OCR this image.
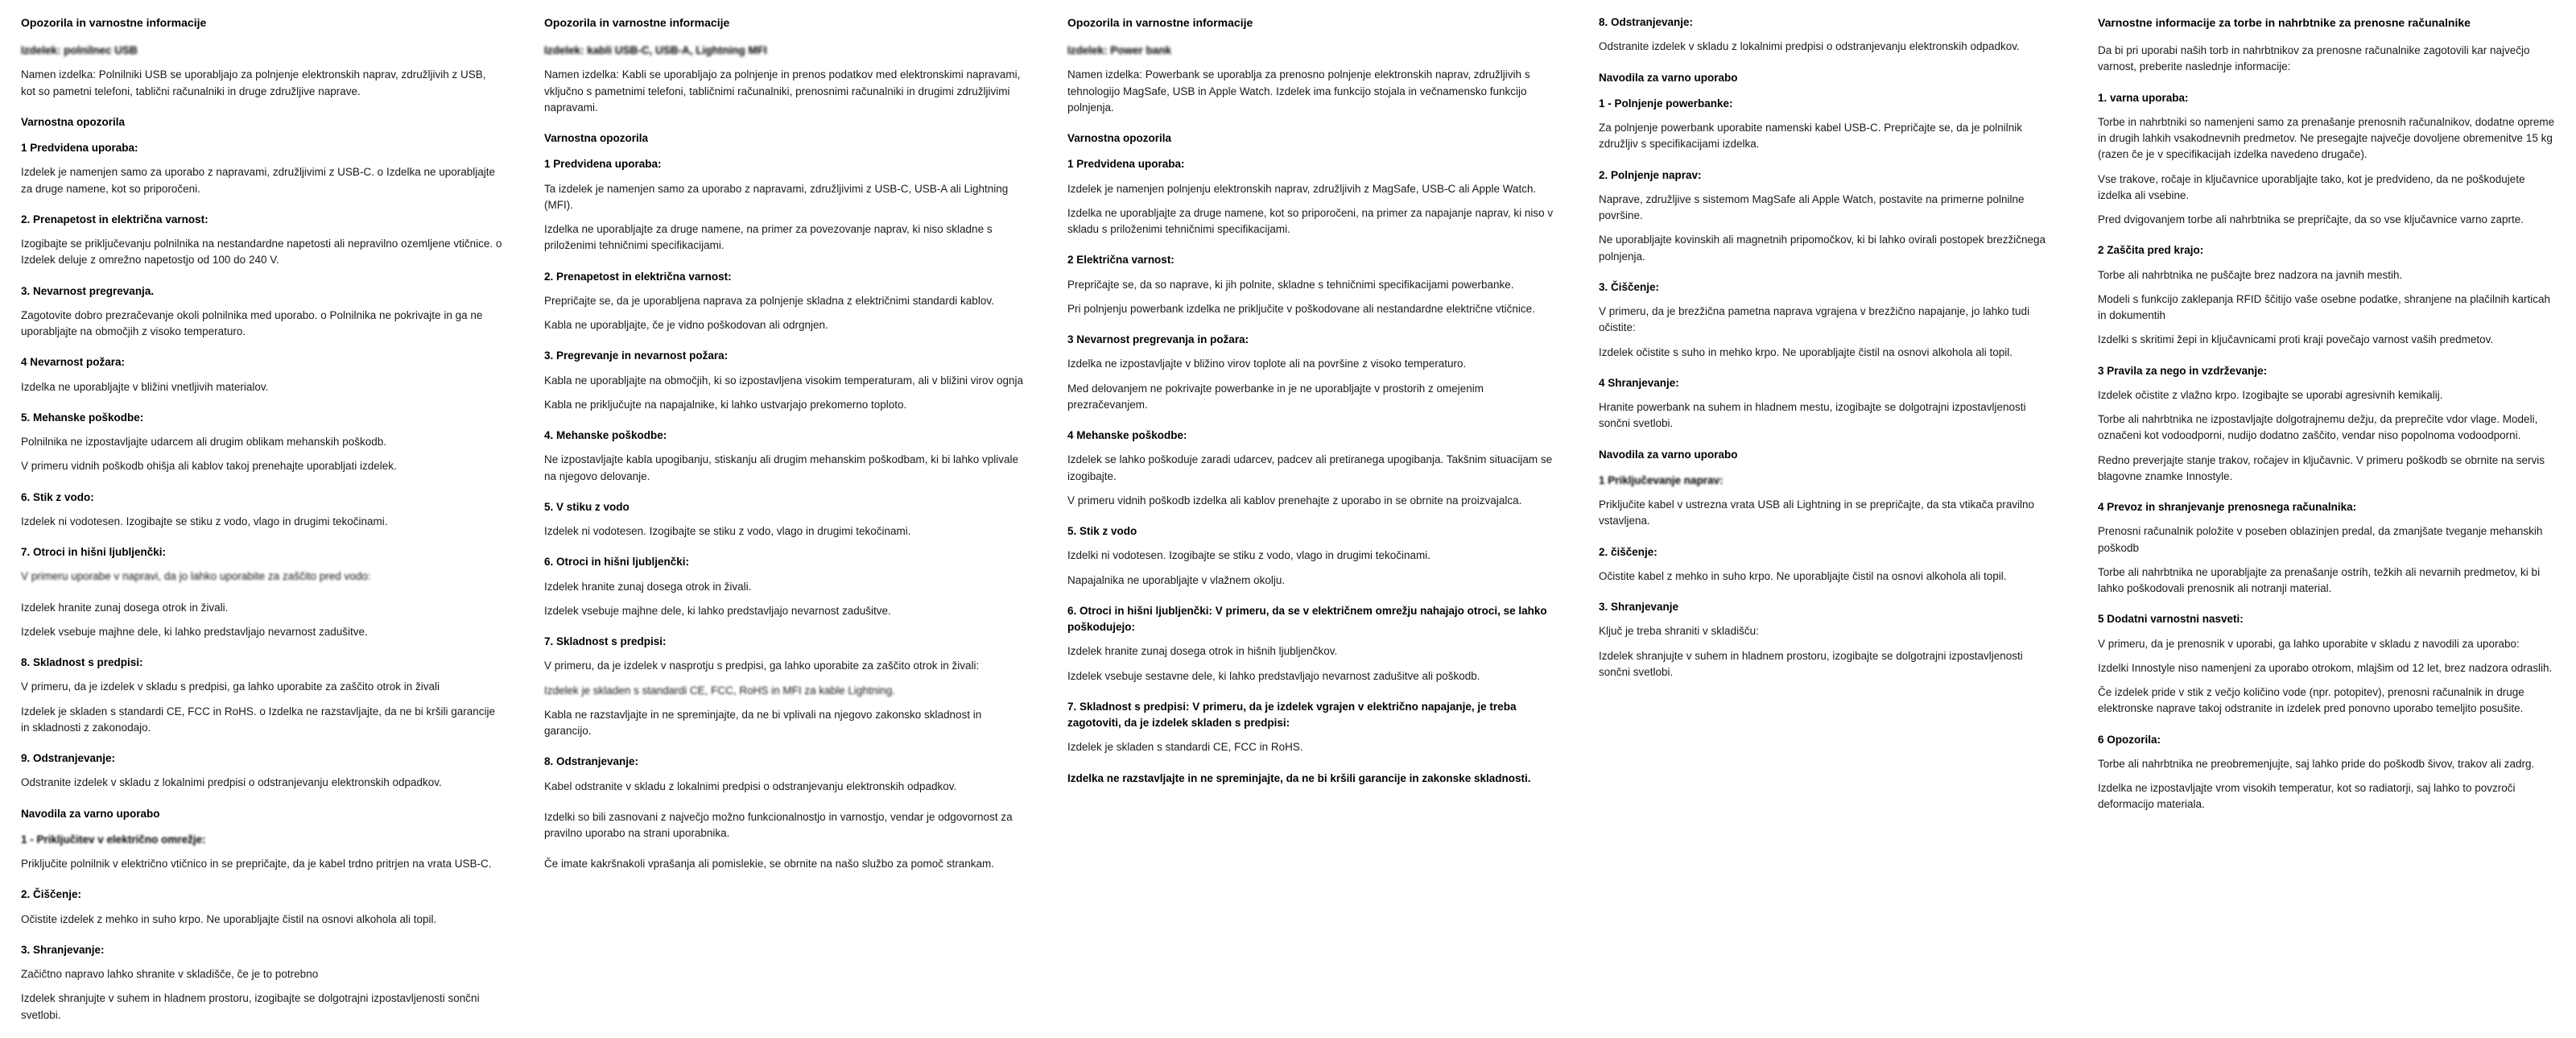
Opozorila in varnostne informacije
Izdelek: polnilnec USB

Namen izdelka: Polnilniki USB se uporabljajo za polnjenje elektronskih naprav, združljivih z USB, kot so pametni telefoni, tablični računalniki in druge združljive naprave.

Varnostna opozorila
1 Predvidena uporaba:

Izdelek je namenjen samo za uporabo z napravami, združljivimi z USB-C. o Izdelka ne uporabljajte za druge namene, kot so priporočeni.

2. Prenapetost in električna varnost:

Izogibajte se priključevanju polnilnika na nestandardne napetosti ali nepravilno ozemljene vtičnice. o Izdelek deluje z omrežno napetostjo od 100 do 240 V.

3. Nevarnost pregrevanja.

Zagotovite dobro prezračevanje okoli polnilnika med uporabo. o Polnilnika ne pokrivajte in ga ne uporabljajte na območjih z visoko temperaturo.

4 Nevarnost požara:

Izdelka ne uporabljajte v bližini vnetljivih materialov.

5. Mehanske poškodbe:

Polnilnika ne izpostavljajte udarcem ali drugim oblikam mehanskih poškodb.

V primeru vidnih poškodb ohišja ali kablov takoj prenehajte uporabljati izdelek.

6. Stik z vodo:

Izdelek ni vodotesen. Izogibajte se stiku z vodo, vlago in drugimi tekočinami.

7. Otroci in hišni ljubljenčki:

V primeru uporabe v napravi, da jo lahko uporabite za zaščito pred vodo:

Izdelek hranite zunaj dosega otrok in živali.

Izdelek vsebuje majhne dele, ki lahko predstavljajo nevarnost zadušitve.

8. Skladnost s predpisi:

V primeru, da je izdelek v skladu s predpisi, ga lahko uporabite za zaščito otrok in živali

Izdelek je skladen s standardi CE, FCC in RoHS. o Izdelka ne razstavljajte, da ne bi kršili garancije in skladnosti z zakonodajo.

9. Odstranjevanje:

Odstranite izdelek v skladu z lokalnimi predpisi o odstranjevanju elektronskih odpadkov.

Navodila za varno uporabo
1 - Priključitev v električno omrežje:

Priključite polnilnik v električno vtičnico in se prepričajte, da je kabel trdno pritrjen na vrata USB-C.

2. Čiščenje:

Očistite izdelek z mehko in suho krpo. Ne uporabljajte čistil na osnovi alkohola ali topil.

3. Shranjevanje:

Začičtno napravo lahko shranite v skladišče, če je to potrebno

Izdelek shranjujte v suhem in hladnem prostoru, izogibajte se dolgotrajni izpostavljenosti sončni svetlobi.

Opozorila in varnostne informacije
Izdelek: kabli USB-C, USB-A, Lightning MFI

Namen izdelka: Kabli se uporabljajo za polnjenje in prenos podatkov med elektronskimi napravami, vključno s pametnimi telefoni, tabličnimi računalniki, prenosnimi računalniki in drugimi združljivimi napravami.

Varnostna opozorila
1 Predvidena uporaba:

Ta izdelek je namenjen samo za uporabo z napravami, združljivimi z USB-C, USB-A ali Lightning (MFI).

Izdelka ne uporabljajte za druge namene, na primer za povezovanje naprav, ki niso skladne s priloženimi tehničnimi specifikacijami.

2. Prenapetost in električna varnost:

Prepričajte se, da je uporabljena naprava za polnjenje skladna z električnimi standardi kablov.

Kabla ne uporabljajte, če je vidno poškodovan ali odrgnjen.

3. Pregrevanje in nevarnost požara:

Kabla ne uporabljajte na območjih, ki so izpostavljena visokim temperaturam, ali v bližini virov ognja

Kabla ne priključujte na napajalnike, ki lahko ustvarjajo prekomerno toploto.

4. Mehanske poškodbe:

Ne izpostavljajte kabla upogibanju, stiskanju ali drugim mehanskim poškodbam, ki bi lahko vplivale na njegovo delovanje.

5. V stiku z vodo

Izdelek ni vodotesen. Izogibajte se stiku z vodo, vlago in drugimi tekočinami.

6. Otroci in hišni ljubljenčki:

Izdelek hranite zunaj dosega otrok in živali.

Izdelek vsebuje majhne dele, ki lahko predstavljajo nevarnost zadušitve.

7. Skladnost s predpisi:

V primeru, da je izdelek v nasprotju s predpisi, ga lahko uporabite za zaščito otrok in živali:

Izdelek je skladen s standardi CE, FCC, RoHS in MFI za kable Lightning.

Kabla ne razstavljajte in ne spreminjajte, da ne bi vplivali na njegovo zakonsko skladnost in garancijo.

8. Odstranjevanje:

Kabel odstranite v skladu z lokalnimi predpisi o odstranjevanju elektronskih odpadkov.

Izdelki so bili zasnovani z največjo možno funkcionalnostjo in varnostjo, vendar je odgovornost za pravilno uporabo na strani uporabnika.

Če imate kakršnakoli vprašanja ali pomislekie, se obrnite na našo službo za pomoč strankam.

Opozorila in varnostne informacije
Izdelek: Power bank

Namen izdelka: Powerbank se uporablja za prenosno polnjenje elektronskih naprav, združljivih s tehnologijo MagSafe, USB in Apple Watch. Izdelek ima funkcijo stojala in večnamensko funkcijo polnjenja.

Varnostna opozorila
1 Predvidena uporaba:

Izdelek je namenjen polnjenju elektronskih naprav, združljivih z MagSafe, USB-C ali Apple Watch.

Izdelka ne uporabljajte za druge namene, kot so priporočeni, na primer za napajanje naprav, ki niso v skladu s priloženimi tehničnimi specifikacijami.

2 Električna varnost:

Prepričajte se, da so naprave, ki jih polnite, skladne s tehničnimi specifikacijami powerbanke.

Pri polnjenju powerbank izdelka ne priključite v poškodovane ali nestandardne električne vtičnice.

3 Nevarnost pregrevanja in požara:

Izdelka ne izpostavljajte v bližino virov toplote ali na površine z visoko temperaturo.

Med delovanjem ne pokrivajte powerbanke in je ne uporabljajte v prostorih z omejenim prezračevanjem.

4 Mehanske poškodbe:

Izdelek se lahko poškoduje zaradi udarcev, padcev ali pretiranega upogibanja. Takšnim situacijam se izogibajte.

V primeru vidnih poškodb izdelka ali kablov prenehajte z uporabo in se obrnite na proizvajalca.

5. Stik z vodo

Izdelki ni vodotesen. Izogibajte se stiku z vodo, vlago in drugimi tekočinami.

Napajalnika ne uporabljajte v vlažnem okolju.

6. Otroci in hišni ljubljenčki: V primeru, da se v električnem omrežju nahajajo otroci, se lahko poškodujejo:

Izdelek hranite zunaj dosega otrok in hišnih ljubljenčkov.

Izdelek vsebuje sestavne dele, ki lahko predstavljajo nevarnost zadušitve ali poškodb.

7. Skladnost s predpisi: V primeru, da je izdelek vgrajen v električno napajanje, je treba zagotoviti, da je izdelek skladen s predpisi:

Izdelek je skladen s standardi CE, FCC in RoHS.

Izdelka ne razstavljajte in ne spreminjajte, da ne bi kršili garancije in zakonske skladnosti.

8. Odstranjevanje:

Odstranite izdelek v skladu z lokalnimi predpisi o odstranjevanju elektronskih odpadkov.

Navodila za varno uporabo
1 - Polnjenje powerbanke:

Za polnjenje powerbank uporabite namenski kabel USB-C. Prepričajte se, da je polnilnik združljiv s specifikacijami izdelka.

2. Polnjenje naprav:

Naprave, združljive s sistemom MagSafe ali Apple Watch, postavite na primerne polnilne površine.

Ne uporabljajte kovinskih ali magnetnih pripomočkov, ki bi lahko ovirali postopek brezžičnega polnjenja.

3. Čiščenje:

V primeru, da je brezžična pametna naprava vgrajena v brezžično napajanje, jo lahko tudi očistite:

Izdelek očistite s suho in mehko krpo. Ne uporabljajte čistil na osnovi alkohola ali topil.

4 Shranjevanje:

Hranite powerbank na suhem in hladnem mestu, izogibajte se dolgotrajni izpostavljenosti sončni svetlobi.

Navodila za varno uporabo
1 Priključevanje naprav:

Priključite kabel v ustrezna vrata USB ali Lightning in se prepričajte, da sta vtikača pravilno vstavljena.

2. čiščenje:

Očistite kabel z mehko in suho krpo. Ne uporabljajte čistil na osnovi alkohola ali topil.

3. Shranjevanje

Ključ je treba shraniti v skladišču:

Izdelek shranjujte v suhem in hladnem prostoru, izogibajte se dolgotrajni izpostavljenosti sončni svetlobi.

Varnostne informacije za torbe in nahrbtnike za prenosne računalnike

Da bi pri uporabi naših torb in nahrbtnikov za prenosne računalnike zagotovili kar največjo varnost, preberite naslednje informacije:

1. varna uporaba:

Torbe in nahrbtniki so namenjeni samo za prenašanje prenosnih računalnikov, dodatne opreme in drugih lahkih vsakodnevnih predmetov. Ne presegajte največje dovoljene obremenitve 15 kg (razen če je v specifikacijah izdelka navedeno drugače).

Vse trakove, ročaje in ključavnice uporabljajte tako, kot je predvideno, da ne poškodujete izdelka ali vsebine.

Pred dvigovanjem torbe ali nahrbtnika se prepričajte, da so vse ključavnice varno zaprte.

2 Zaščita pred krajo:

Torbe ali nahrbtnika ne puščajte brez nadzora na javnih mestih.

Modeli s funkcijo zaklepanja RFID ščitijo vaše osebne podatke, shranjene na plačilnih karticah in dokumentih

Izdelki s skritimi žepi in ključavnicami proti kraji povečajo varnost vaših predmetov.

3 Pravila za nego in vzdrževanje:

Izdelek očistite z vlažno krpo. Izogibajte se uporabi agresivnih kemikalij.

Torbe ali nahrbtnika ne izpostavljajte dolgotrajnemu dežju, da preprečite vdor vlage. Modeli, označeni kot vodoodporni, nudijo dodatno zaščito, vendar niso popolnoma vodoodporni.

Redno preverjajte stanje trakov, ročajev in ključavnic. V primeru poškodb se obrnite na servis blagovne znamke Innostyle.

4 Prevoz in shranjevanje prenosnega računalnika:

Prenosni računalnik položite v poseben oblazinjen predal, da zmanjšate tveganje mehanskih poškodb

Torbe ali nahrbtnika ne uporabljajte za prenašanje ostrih, težkih ali nevarnih predmetov, ki bi lahko poškodovali prenosnik ali notranji material.

5 Dodatni varnostni nasveti:

V primeru, da je prenosnik v uporabi, ga lahko uporabite v skladu z navodili za uporabo:

Izdelki Innostyle niso namenjeni za uporabo otrokom, mlajšim od 12 let, brez nadzora odraslih.

Če izdelek pride v stik z večjo količino vode (npr. potopitev), prenosni računalnik in druge elektronske naprave takoj odstranite in izdelek pred ponovno uporabo temeljito posušite.

6 Opozorila:

Torbe ali nahrbtnika ne preobremenjujte, saj lahko pride do poškodb šivov, trakov ali zadrg.

Izdelka ne izpostavljajte vrom visokih temperatur, kot so radiatorji, saj lahko to povzroči deformacijo materiala.
